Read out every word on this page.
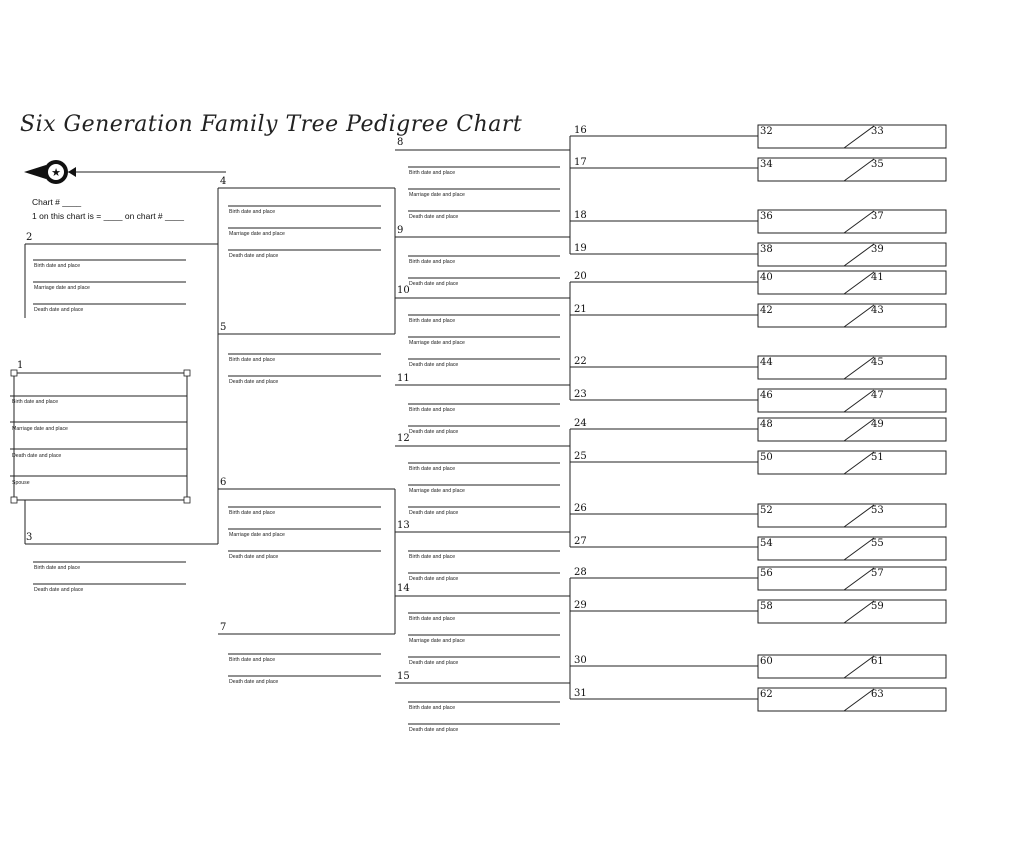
Six Generation Family Tree Pedigree Chart
Chart # ____
1 on this chart is = ____ on chart # ____
1
Birth date and place
Marriage date and place
Death date and place
Spouse
2
Birth date and place
Marriage date and place
Death date and place
3
Birth date and place
Death date and place
4
5
Birth date and place
Marriage date and place
Death date and place
Birth date and place
Death date and place
6
7
Birth date and place
Marriage date and place
Death date and place
Birth date and place
Death date and place
8
9
Birth date and place
Marriage date and place
Death date and place
Birth date and place
Death date and place
10
11
Birth date and place
Marriage date and place
Death date and place
Birth date and place
Death date and place
12
13
Birth date and place
Marriage date and place
Death date and place
Birth date and place
Death date and place
14
15
Birth date and place
Marriage date and place
Death date and place
Birth date and place
Death date and place
16
17
32	33
34	35
18
19
36	37
38	39
20
21
40	41
42	43
22
23
44	45
46	47
24
25
48	49
50	51
26
27
52	53
54	55
28
29
56	57
58	59
30
31
60	61
62	63
★
